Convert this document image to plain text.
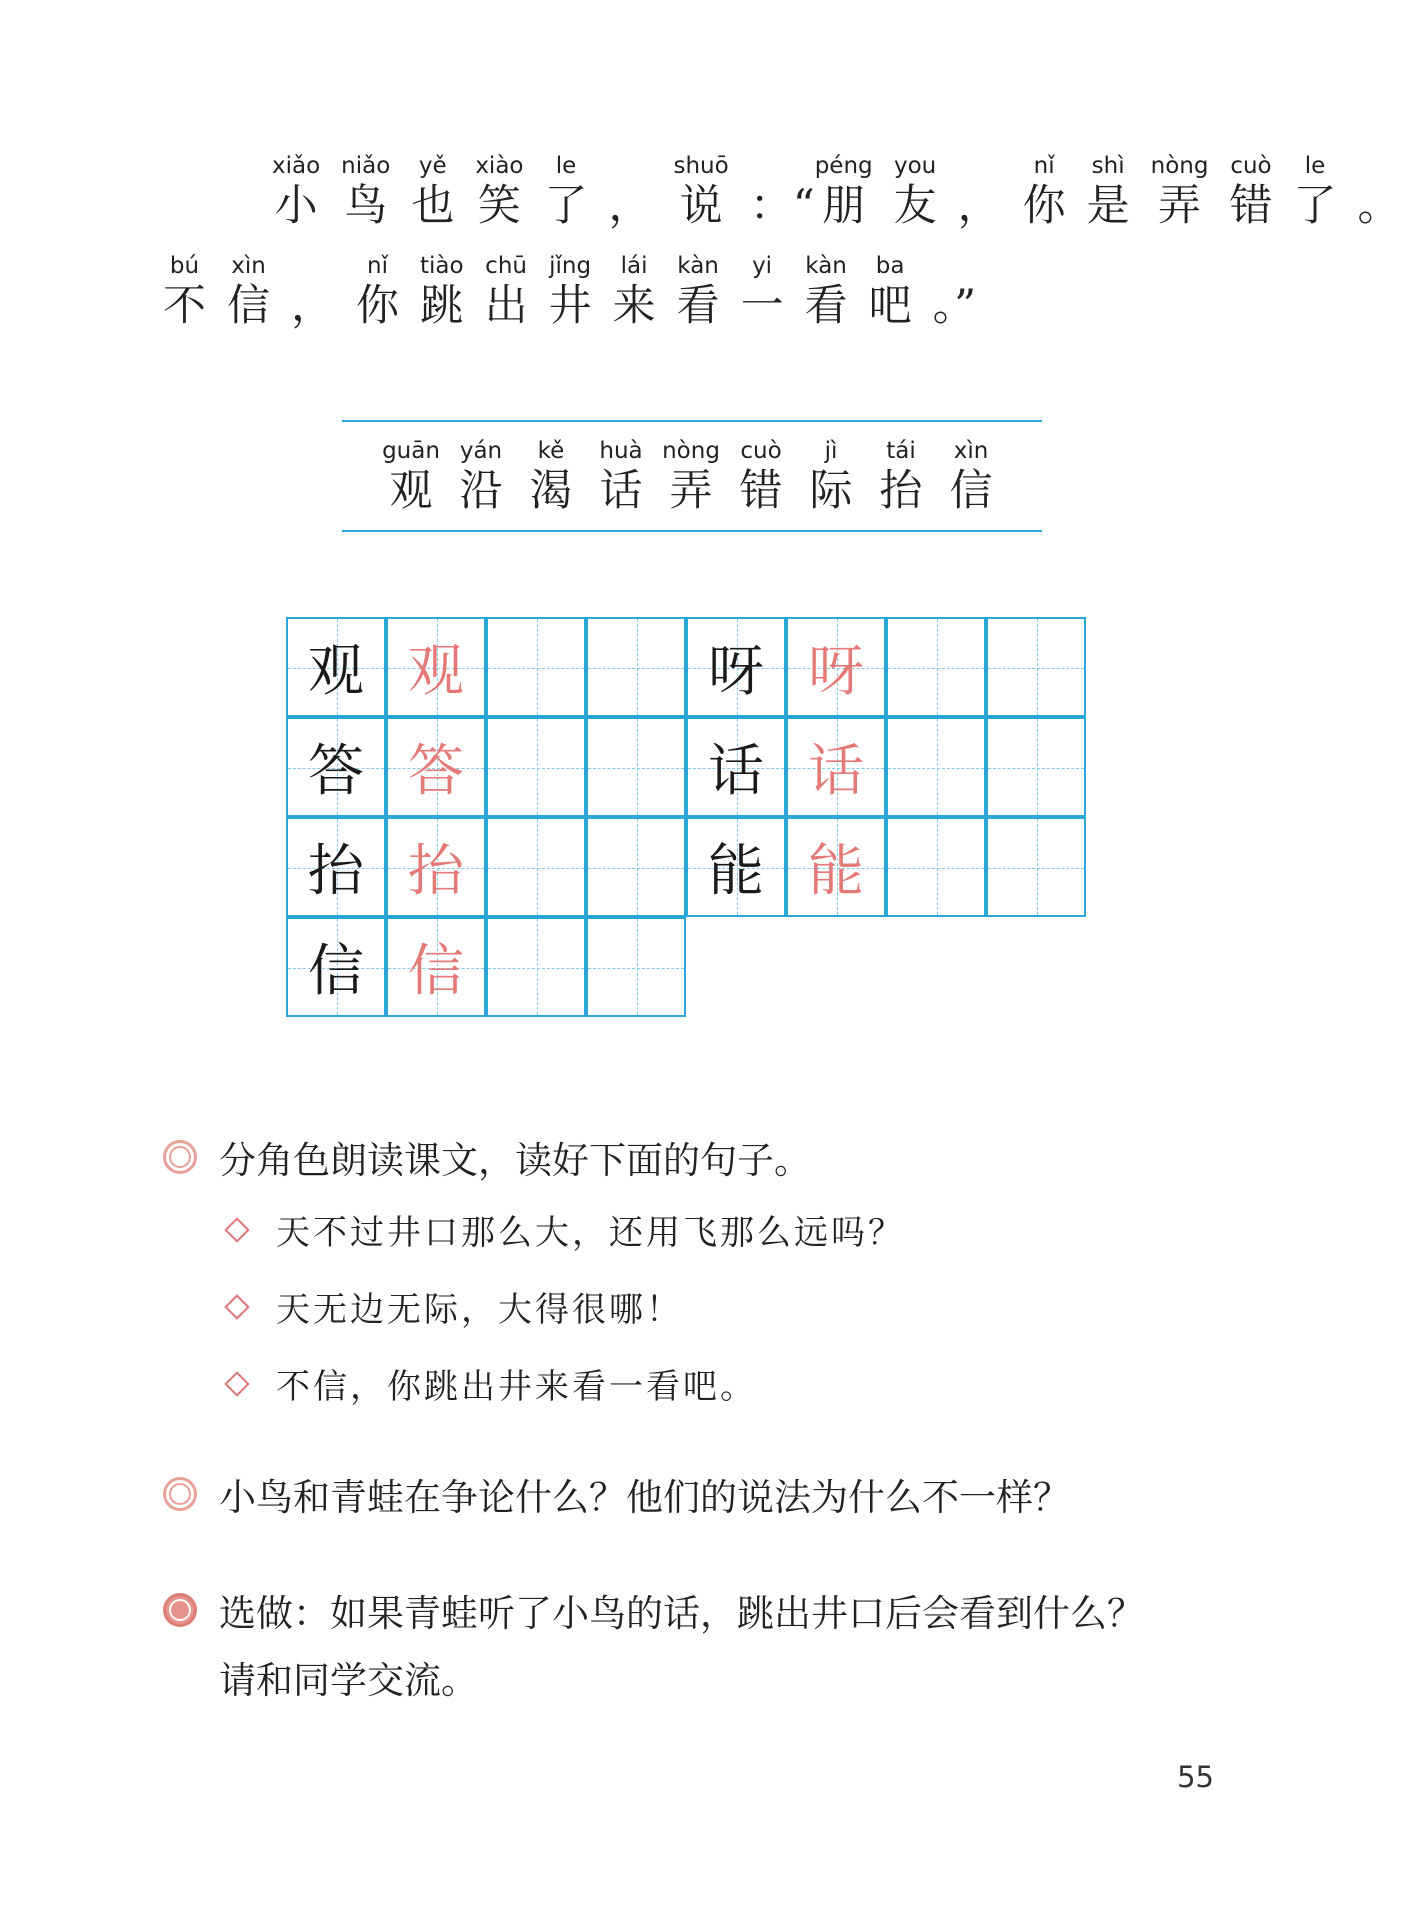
xiǎo
小
niǎo
鸟
yě
也
xiào
笑
le
了 ，
shuō
说 ：“
péng
朋
you
友 ，
nǐ
你
shì
是
nòng
弄
cuò
错
le
了 。
bú
不
xìn
信 ，
nǐ
你
tiào
跳
chū
出
jǐng
井
lái
来
kàn
看
yi
一
kàn
看
ba
吧 。”
guān
观
yán
沿
kě
渴
huà
话
nòng
弄
cuò
错
jì
际
tái
抬
xìn
信
观 观
答 答
抬 抬
信 信
呀 呀
话 话
能 能
分角色朗读课文，读好下面的句子。
天不过井口那么大，还用飞那么远吗？
天无边无际，大得很哪！
不信，你跳出井来看一看吧。
小鸟和青蛙在争论什么？他们的说法为什么不一样？
选做：如果青蛙听了小鸟的话，跳出井口后会看到什么？
请和同学交流。
55
